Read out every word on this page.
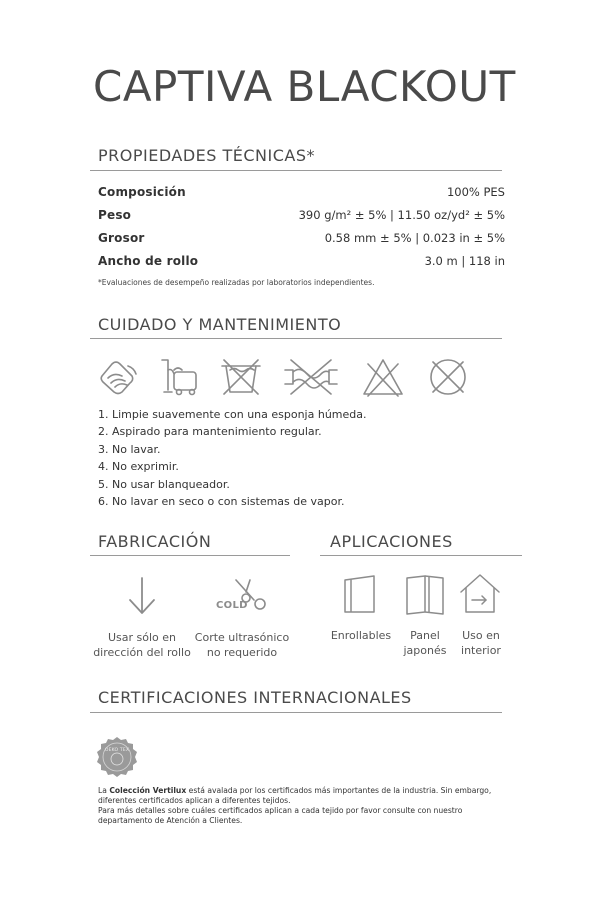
CAPTIVA BLACKOUT
PROPIEDADES TÉCNICAS*
Composición	100% PES
Peso	390 g/m² ± 5% | 11.50 oz/yd² ± 5%
Grosor	0.58 mm ± 5% | 0.023 in ± 5%
Ancho de rollo	3.0 m | 118 in
*Evaluaciones de desempeño realizadas por laboratorios independientes.
CUIDADO Y MANTENIMIENTO
1. Limpie suavemente con una esponja húmeda.
2. Aspirado para mantenimiento regular.
3. No lavar.
4. No exprimir.
5. No usar blanqueador.
6. No lavar en seco o con sistemas de vapor.
FABRICACIÓN
COLD
Usar sólo en
dirección del rollo
Corte ultrasónico
no requerido
APLICACIONES
Enrollables	Panel
japonés
Uso en
interior
CERTIFICACIONES INTERNACIONALES
OEKO TEX
La Colección Vertilux está avalada por los certificados más importantes de la industria. Sin embargo,
diferentes certificados aplican a diferentes tejidos.
Para más detalles sobre cuáles certificados aplican a cada tejido por favor consulte con nuestro
departamento de Atención a Clientes.
